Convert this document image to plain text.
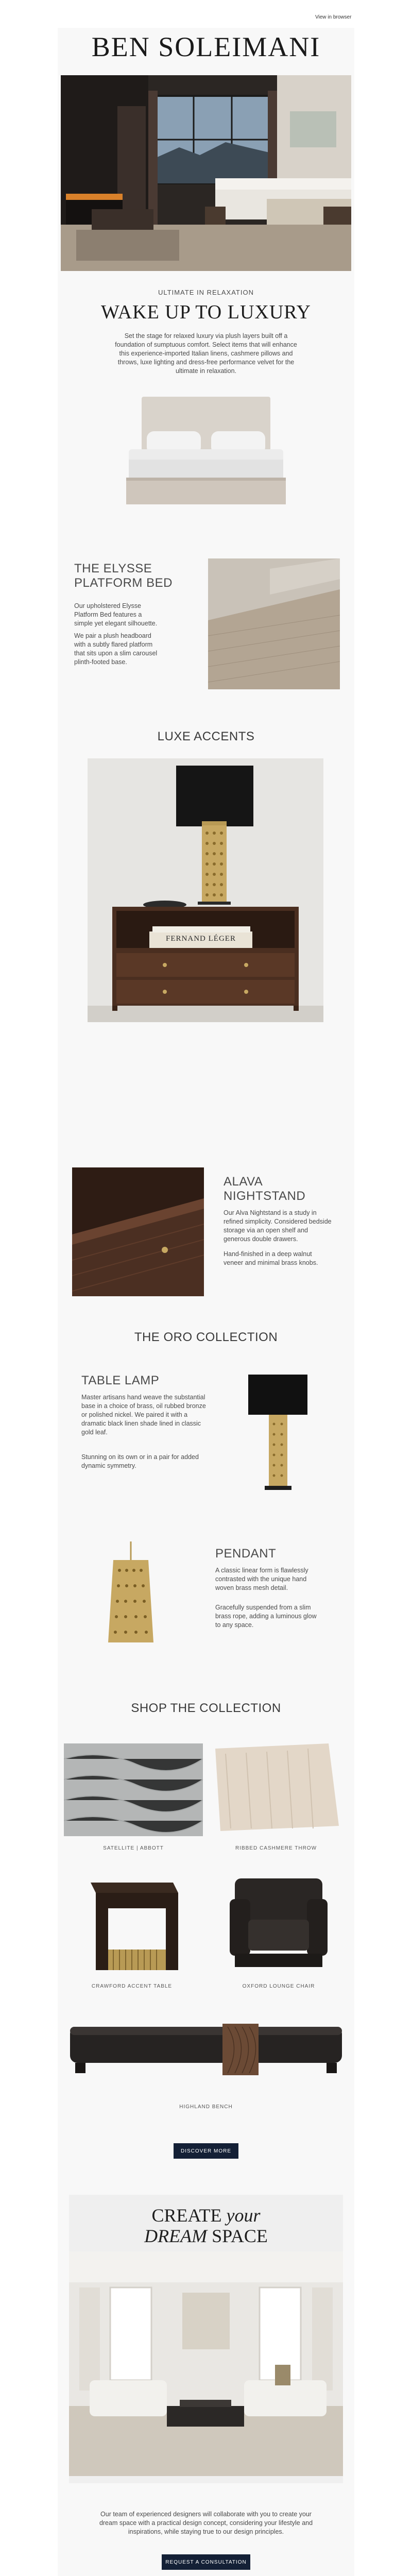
View in browser
BEN SOLEIMANI
ULTIMATE IN RELAXATION
WAKE UP TO LUXURY
Set the stage for relaxed luxury via plush layers built off a foundation of sumptuous comfort. Select items that will enhance this experience-imported Italian linens, cashmere pillows and throws, luxe lighting and dress-free performance velvet for the ultimate in relaxation.
THE ELYSSE
PLATFORM BED
Our upholstered Elysse Platform Bed features a simple yet elegant silhouette.
We pair a plush headboard with a subtly flared platform that sits upon a slim carousel plinth-footed base.
LUXE ACCENTS
FERNAND LÉGER
ALAVA
NIGHTSTAND
Our Alva Nightstand is a study in refined simplicity. Considered bedside storage via an open shelf and generous double drawers.
Hand-finished in a deep walnut veneer and minimal brass knobs.
THE ORO COLLECTION
TABLE LAMP
Master artisans hand weave the substantial base in a choice of brass, oil rubbed bronze or polished nickel. We paired it with a dramatic black linen shade lined in classic gold leaf.
Stunning on its own or in a pair for added dynamic symmetry.
PENDANT
A classic linear form is flawlessly contrasted with the unique hand woven brass mesh detail.
Gracefully suspended from a slim brass rope, adding a luminous glow to any space.
SHOP THE COLLECTION
SATELLITE | ABBOTT	RIBBED CASHMERE THROW
CRAWFORD ACCENT TABLE	OXFORD LOUNGE CHAIR
HIGHLAND BENCH
DISCOVER MORE
CREATE your
DREAM SPACE
Our team of experienced designers will collaborate with you to create your dream space with a practical design concept, considering your lifestyle and inspirations, while staying true to our design principles.
REQUEST A CONSULTATION
